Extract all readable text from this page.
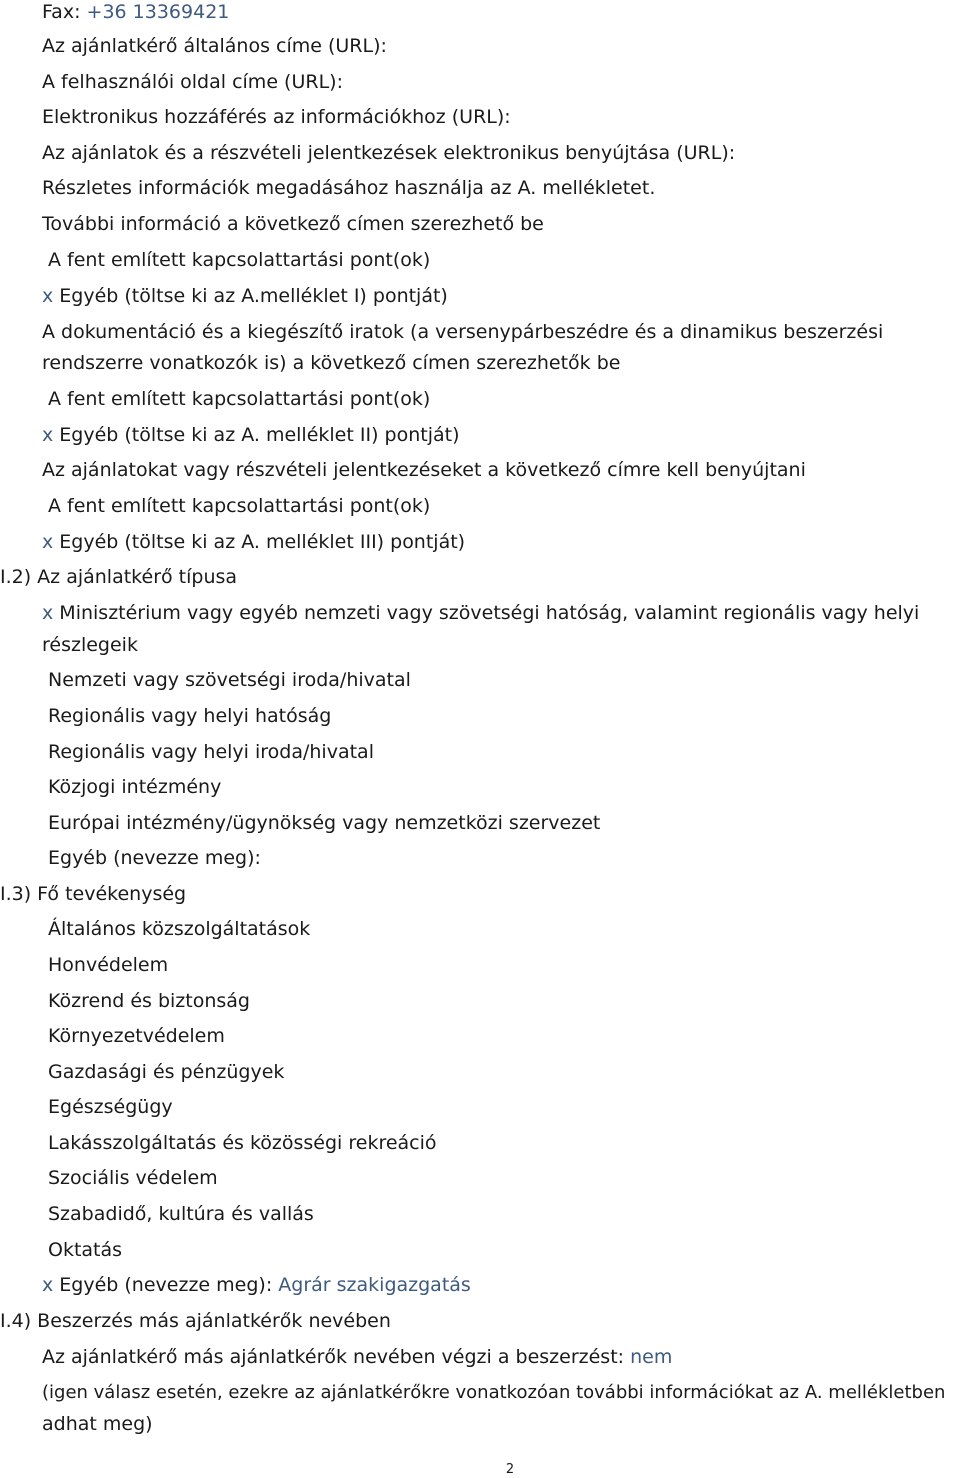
Fax: +36 13369421
Az ajánlatkérő általános címe (URL):
A felhasználói oldal címe (URL):
Elektronikus hozzáférés az információkhoz (URL):
Az ajánlatok és a részvételi jelentkezések elektronikus benyújtása (URL):
Részletes információk megadásához használja az A. mellékletet.
További információ a következő címen szerezhető be
A fent említett kapcsolattartási pont(ok)
x Egyéb (töltse ki az A.melléklet I) pontját)
A dokumentáció és a kiegészítő iratok (a versenypárbeszédre és a dinamikus beszerzési
rendszerre vonatkozók is) a következő címen szerezhetők be
A fent említett kapcsolattartási pont(ok)
x Egyéb (töltse ki az A. melléklet II) pontját)
Az ajánlatokat vagy részvételi jelentkezéseket a következő címre kell benyújtani
A fent említett kapcsolattartási pont(ok)
x Egyéb (töltse ki az A. melléklet III) pontját)
I.2) Az ajánlatkérő típusa
x Minisztérium vagy egyéb nemzeti vagy szövetségi hatóság, valamint regionális vagy helyi
részlegeik
Nemzeti vagy szövetségi iroda/hivatal
Regionális vagy helyi hatóság
Regionális vagy helyi iroda/hivatal
Közjogi intézmény
Európai intézmény/ügynökség vagy nemzetközi szervezet
Egyéb (nevezze meg):
I.3) Fő tevékenység
Általános közszolgáltatások
Honvédelem
Közrend és biztonság
Környezetvédelem
Gazdasági és pénzügyek
Egészségügy
Lakásszolgáltatás és közösségi rekreáció
Szociális védelem
Szabadidő, kultúra és vallás
Oktatás
x Egyéb (nevezze meg): Agrár szakigazgatás
I.4) Beszerzés más ajánlatkérők nevében
Az ajánlatkérő más ajánlatkérők nevében végzi a beszerzést: nem
(igen válasz esetén, ezekre az ajánlatkérőkre vonatkozóan további információkat az A. mellékletben
adhat meg)
2
